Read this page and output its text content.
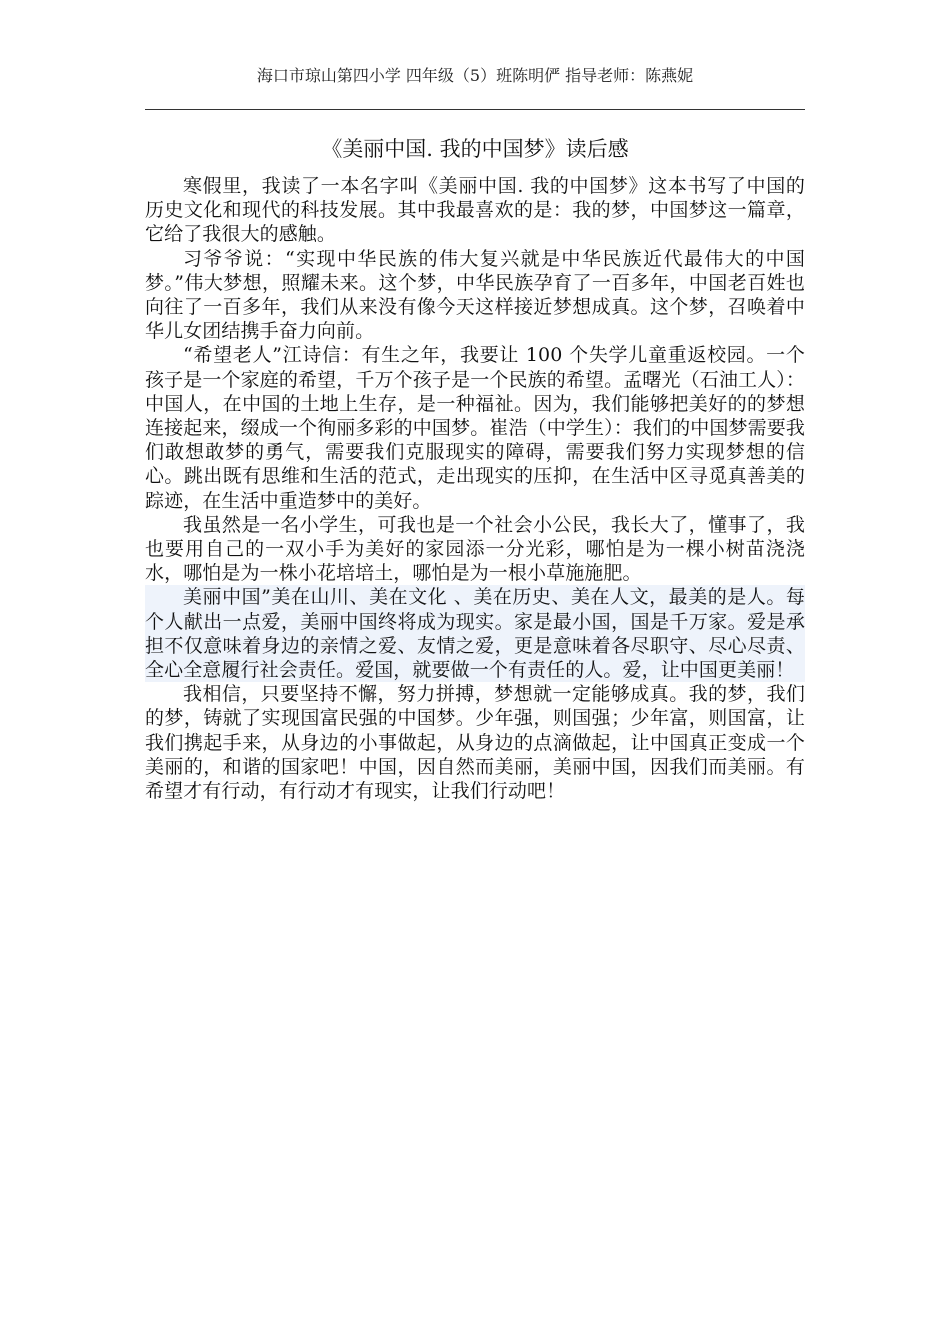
海口市琼山第四小学 四年级（5）班陈明俨 指导老师：陈燕妮
《美丽中国. 我的中国梦》读后感

寒假里，我读了一本名字叫《美丽中国. 我的中国梦》这本书写了中国的历史文化和现代的科技发展。其中我最喜欢的是：我的梦，中国梦这一篇章，它给了我很大的感触。

习爷爷说：“实现中华民族的伟大复兴就是中华民族近代最伟大的中国梦。”伟大梦想，照耀未来。这个梦，中华民族孕育了一百多年，中国老百姓也向往了一百多年，我们从来没有像今天这样接近梦想成真。这个梦，召唤着中华儿女团结携手奋力向前。

“希望老人”江诗信：有生之年，我要让 100 个失学儿童重返校园。一个孩子是一个家庭的希望，千万个孩子是一个民族的希望。孟曙光（石油工人）：中国人，在中国的土地上生存，是一种福祉。因为，我们能够把美好的的梦想连接起来，缀成一个徇丽多彩的中国梦。崔浩（中学生）：我们的中国梦需要我们敢想敢梦的勇气，需要我们克服现实的障碍，需要我们努力实现梦想的信心。跳出既有思维和生活的范式，走出现实的压抑，在生活中区寻觅真善美的踪迹，在生活中重造梦中的美好。

我虽然是一名小学生，可我也是一个社会小公民，我长大了，懂事了，我也要用自己的一双小手为美好的家园添一分光彩，哪怕是为一棵小树苗浇浇水，哪怕是为一株小花培培土，哪怕是为一根小草施施肥。

美丽中国”美在山川、美在文化 、美在历史、美在人文，最美的是人。每个人献出一点爱，美丽中国终将成为现实。家是最小国，国是千万家。爱是承担不仅意味着身边的亲情之爱、友情之爱，更是意味着各尽职守、尽心尽责、全心全意履行社会责任。爱国，就要做一个有责任的人。爱，让中国更美丽！

我相信，只要坚持不懈，努力拼搏，梦想就一定能够成真。我的梦，我们的梦，铸就了实现国富民强的中国梦。少年强，则国强；少年富，则国富，让我们携起手来，从身边的小事做起，从身边的点滴做起，让中国真正变成一个美丽的，和谐的国家吧！中国，因自然而美丽，美丽中国，因我们而美丽。有希望才有行动，有行动才有现实，让我们行动吧！
